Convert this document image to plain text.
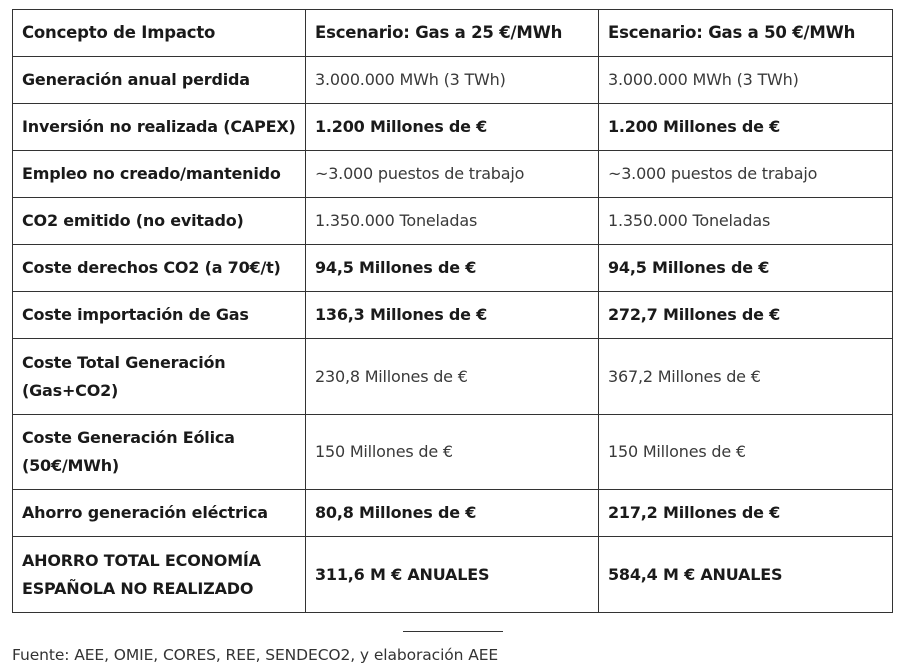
Concepto de Impacto	Escenario: Gas a 25 €/MWh	Escenario: Gas a 50 €/MWh
Generación anual perdida	3.000.000 MWh (3 TWh)	3.000.000 MWh (3 TWh)
Inversión no realizada (CAPEX)	1.200 Millones de €	1.200 Millones de €
Empleo no creado/mantenido	~3.000 puestos de trabajo	~3.000 puestos de trabajo
CO2 emitido (no evitado)	1.350.000 Toneladas	1.350.000 Toneladas
Coste derechos CO2 (a 70€/t)	94,5 Millones de €	94,5 Millones de €
Coste importación de Gas	136,3 Millones de €	272,7 Millones de €
Coste Total Generación (Gas+CO2)	230,8 Millones de €	367,2 Millones de €
Coste Generación Eólica (50€/MWh)	150 Millones de €	150 Millones de €
Ahorro generación eléctrica	80,8 Millones de €	217,2 Millones de €
AHORRO TOTAL ECONOMÍA ESPAÑOLA NO REALIZADO	311,6 M € ANUALES	584,4 M € ANUALES
Fuente: AEE, OMIE, CORES, REE, SENDECO2, y elaboración AEE
